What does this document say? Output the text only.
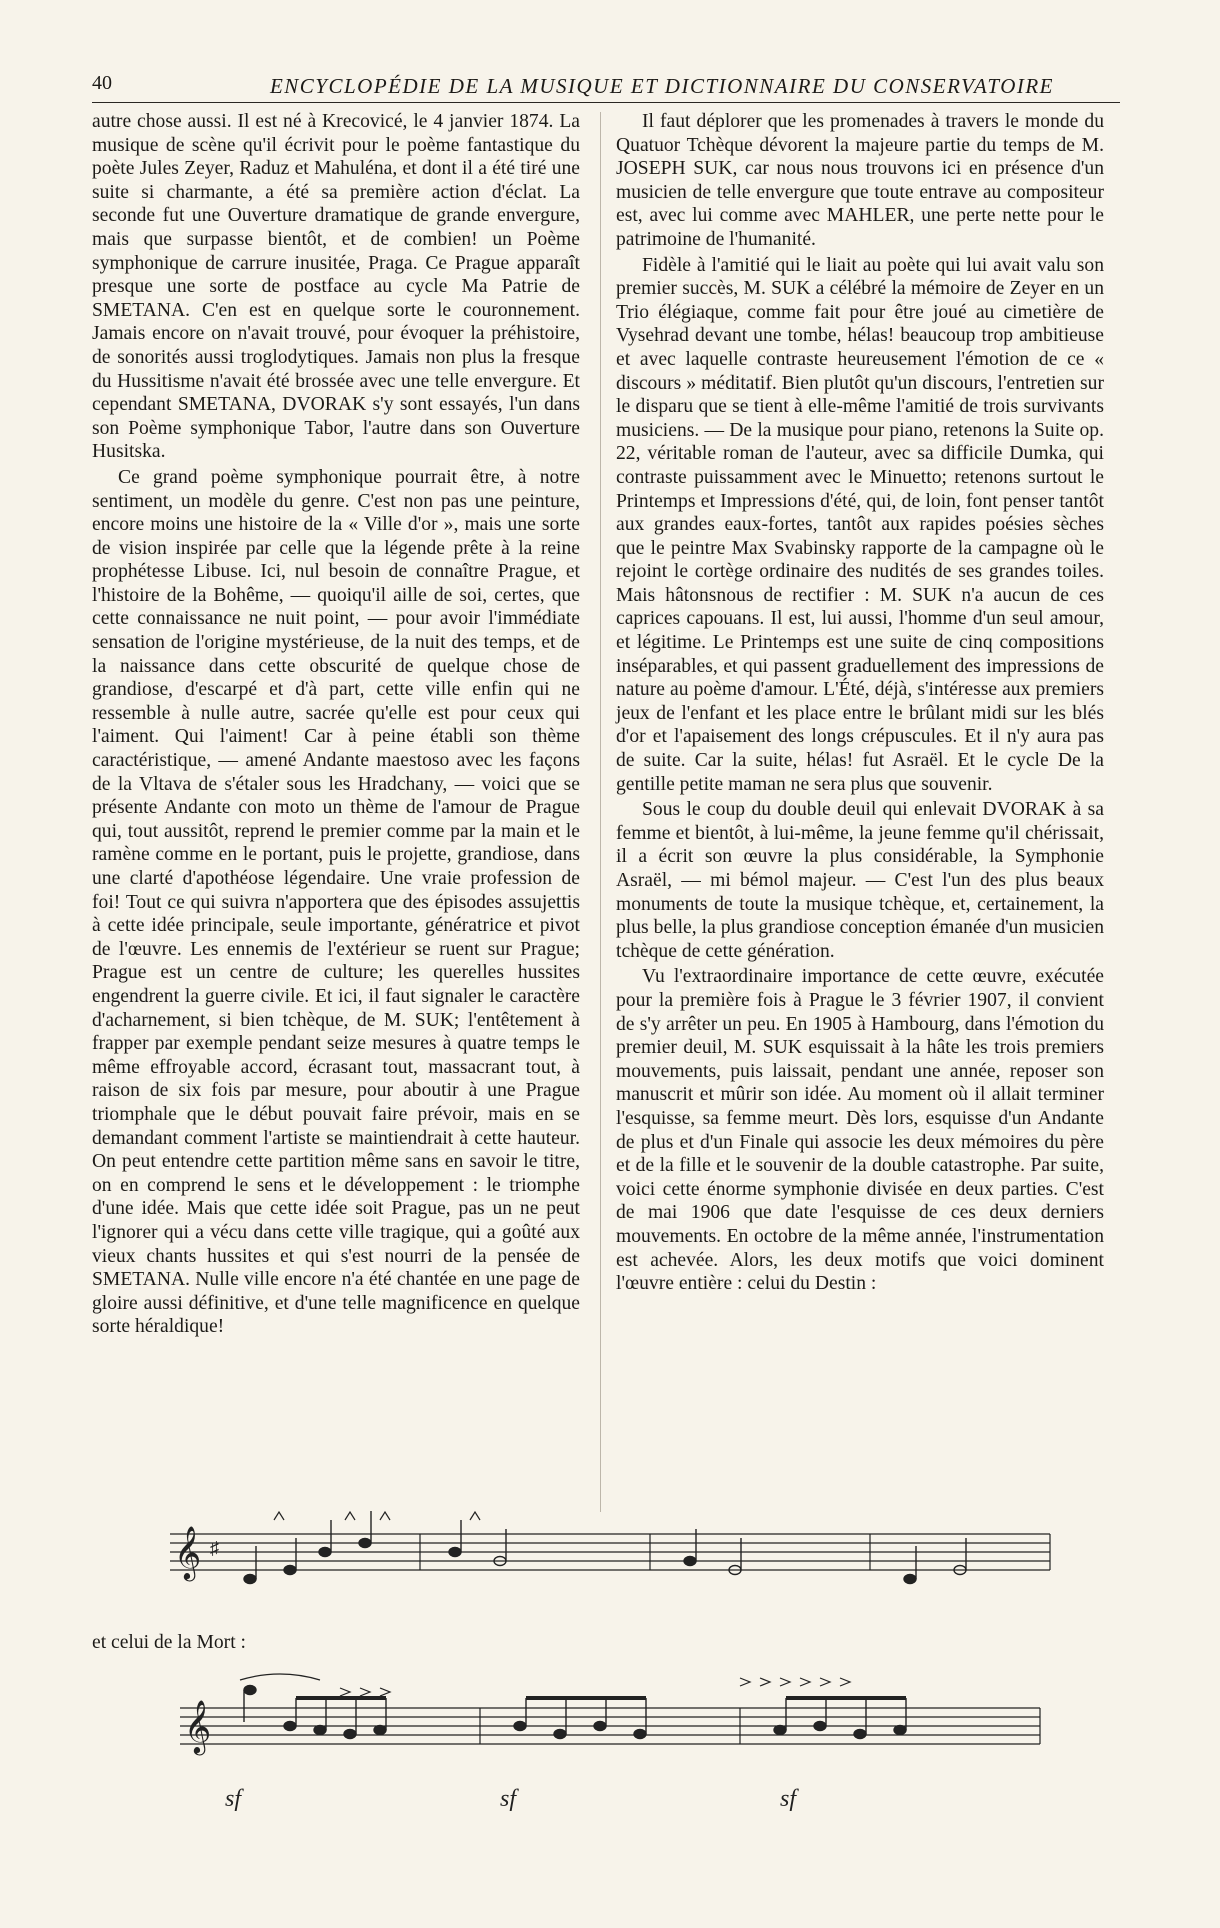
40	ENCYCLOPÉDIE DE LA MUSIQUE ET DICTIONNAIRE DU CONSERVATOIRE

autre chose aussi. Il est né à Krecovicé, le 4 janvier 1874. La musique de scène qu'il écrivit pour le poème fantastique du poète Jules Zeyer, Raduz et Mahuléna, et dont il a été tiré une suite si charmante, a été sa première action d'éclat. La seconde fut une Ouverture dramatique de grande envergure, mais que surpasse bientôt, et de combien! un Poème symphonique de carrure inusitée, Praga. Ce Prague apparaît presque une sorte de postface au cycle Ma Patrie de SMETANA. C'en est en quelque sorte le couronnement. Jamais encore on n'avait trouvé, pour évoquer la préhistoire, de sonorités aussi troglodytiques. Jamais non plus la fresque du Hussitisme n'avait été brossée avec une telle envergure. Et cependant SMETANA, DVORAK s'y sont essayés, l'un dans son Poème symphonique Tabor, l'autre dans son Ouverture Husitska.

Ce grand poème symphonique pourrait être, à notre sentiment, un modèle du genre. C'est non pas une peinture, encore moins une histoire de la « Ville d'or », mais une sorte de vision inspirée par celle que la légende prête à la reine prophétesse Libuse. Ici, nul besoin de connaître Prague, et l'histoire de la Bohême, — quoiqu'il aille de soi, certes, que cette connaissance ne nuit point, — pour avoir l'immédiate sensation de l'origine mystérieuse, de la nuit des temps, et de la naissance dans cette obscurité de quelque chose de grandiose, d'escarpé et d'à part, cette ville enfin qui ne ressemble à nulle autre, sacrée qu'elle est pour ceux qui l'aiment. Qui l'aiment! Car à peine établi son thème caractéristique, — amené Andante maestoso avec les façons de la Vltava de s'étaler sous les Hradchany, — voici que se présente Andante con moto un thème de l'amour de Prague qui, tout aussitôt, reprend le premier comme par la main et le ramène comme en le portant, puis le projette, grandiose, dans une clarté d'apothéose légendaire. Une vraie profession de foi! Tout ce qui suivra n'apportera que des épisodes assujettis à cette idée principale, seule importante, génératrice et pivot de l'œuvre. Les ennemis de l'extérieur se ruent sur Prague; Prague est un centre de culture; les querelles hussites engendrent la guerre civile. Et ici, il faut signaler le caractère d'acharnement, si bien tchèque, de M. SUK; l'entêtement à frapper par exemple pendant seize mesures à quatre temps le même effroyable accord, écrasant tout, massacrant tout, à raison de six fois par mesure, pour aboutir à une Prague triomphale que le début pouvait faire prévoir, mais en se demandant comment l'artiste se maintiendrait à cette hauteur. On peut entendre cette partition même sans en savoir le titre, on en comprend le sens et le développement : le triomphe d'une idée. Mais que cette idée soit Prague, pas un ne peut l'ignorer qui a vécu dans cette ville tragique, qui a goûté aux vieux chants hussites et qui s'est nourri de la pensée de SMETANA. Nulle ville encore n'a été chantée en une page de gloire aussi définitive, et d'une telle magnificence en quelque sorte héraldique!

Il faut déplorer que les promenades à travers le monde du Quatuor Tchèque dévorent la majeure partie du temps de M. JOSEPH SUK, car nous nous trouvons ici en présence d'un musicien de telle envergure que toute entrave au compositeur est, avec lui comme avec MAHLER, une perte nette pour le patrimoine de l'humanité.

Fidèle à l'amitié qui le liait au poète qui lui avait valu son premier succès, M. SUK a célébré la mémoire de Zeyer en un Trio élégiaque, comme fait pour être joué au cimetière de Vysehrad devant une tombe, hélas! beaucoup trop ambitieuse et avec laquelle contraste heureusement l'émotion de ce « discours » méditatif. Bien plutôt qu'un discours, l'entretien sur le disparu que se tient à elle-même l'amitié de trois survivants musiciens. — De la musique pour piano, retenons la Suite op. 22, véritable roman de l'auteur, avec sa difficile Dumka, qui contraste puissamment avec le Minuetto; retenons surtout le Printemps et Impressions d'été, qui, de loin, font penser tantôt aux grandes eaux-fortes, tantôt aux rapides poésies sèches que le peintre Max Svabinsky rapporte de la campagne où le rejoint le cortège ordinaire des nudités de ses grandes toiles. Mais hâtonsnous de rectifier : M. SUK n'a aucun de ces caprices capouans. Il est, lui aussi, l'homme d'un seul amour, et légitime. Le Printemps est une suite de cinq compositions inséparables, et qui passent graduellement des impressions de nature au poème d'amour. L'Été, déjà, s'intéresse aux premiers jeux de l'enfant et les place entre le brûlant midi sur les blés d'or et l'apaisement des longs crépuscules. Et il n'y aura pas de suite. Car la suite, hélas! fut Asraël. Et le cycle De la gentille petite maman ne sera plus que souvenir.

Sous le coup du double deuil qui enlevait DVORAK à sa femme et bientôt, à lui-même, la jeune femme qu'il chérissait, il a écrit son œuvre la plus considérable, la Symphonie Asraël, — mi bémol majeur. — C'est l'un des plus beaux monuments de toute la musique tchèque, et, certainement, la plus belle, la plus grandiose conception émanée d'un musicien tchèque de cette génération.

Vu l'extraordinaire importance de cette œuvre, exécutée pour la première fois à Prague le 3 février 1907, il convient de s'y arrêter un peu. En 1905 à Hambourg, dans l'émotion du premier deuil, M. SUK esquissait à la hâte les trois premiers mouvements, puis laissait, pendant une année, reposer son manuscrit et mûrir son idée. Au moment où il allait terminer l'esquisse, sa femme meurt. Dès lors, esquisse d'un Andante de plus et d'un Finale qui associe les deux mémoires du père et de la fille et le souvenir de la double catastrophe. Par suite, voici cette énorme symphonie divisée en deux parties. C'est de mai 1906 que date l'esquisse de ces deux derniers mouvements. En octobre de la même année, l'instrumentation est achevée. Alors, les deux motifs que voici dominent l'œuvre entière : celui du Destin :

𝄞 ♯
et celui de la Mort :
𝄞
sf	sf	sf
